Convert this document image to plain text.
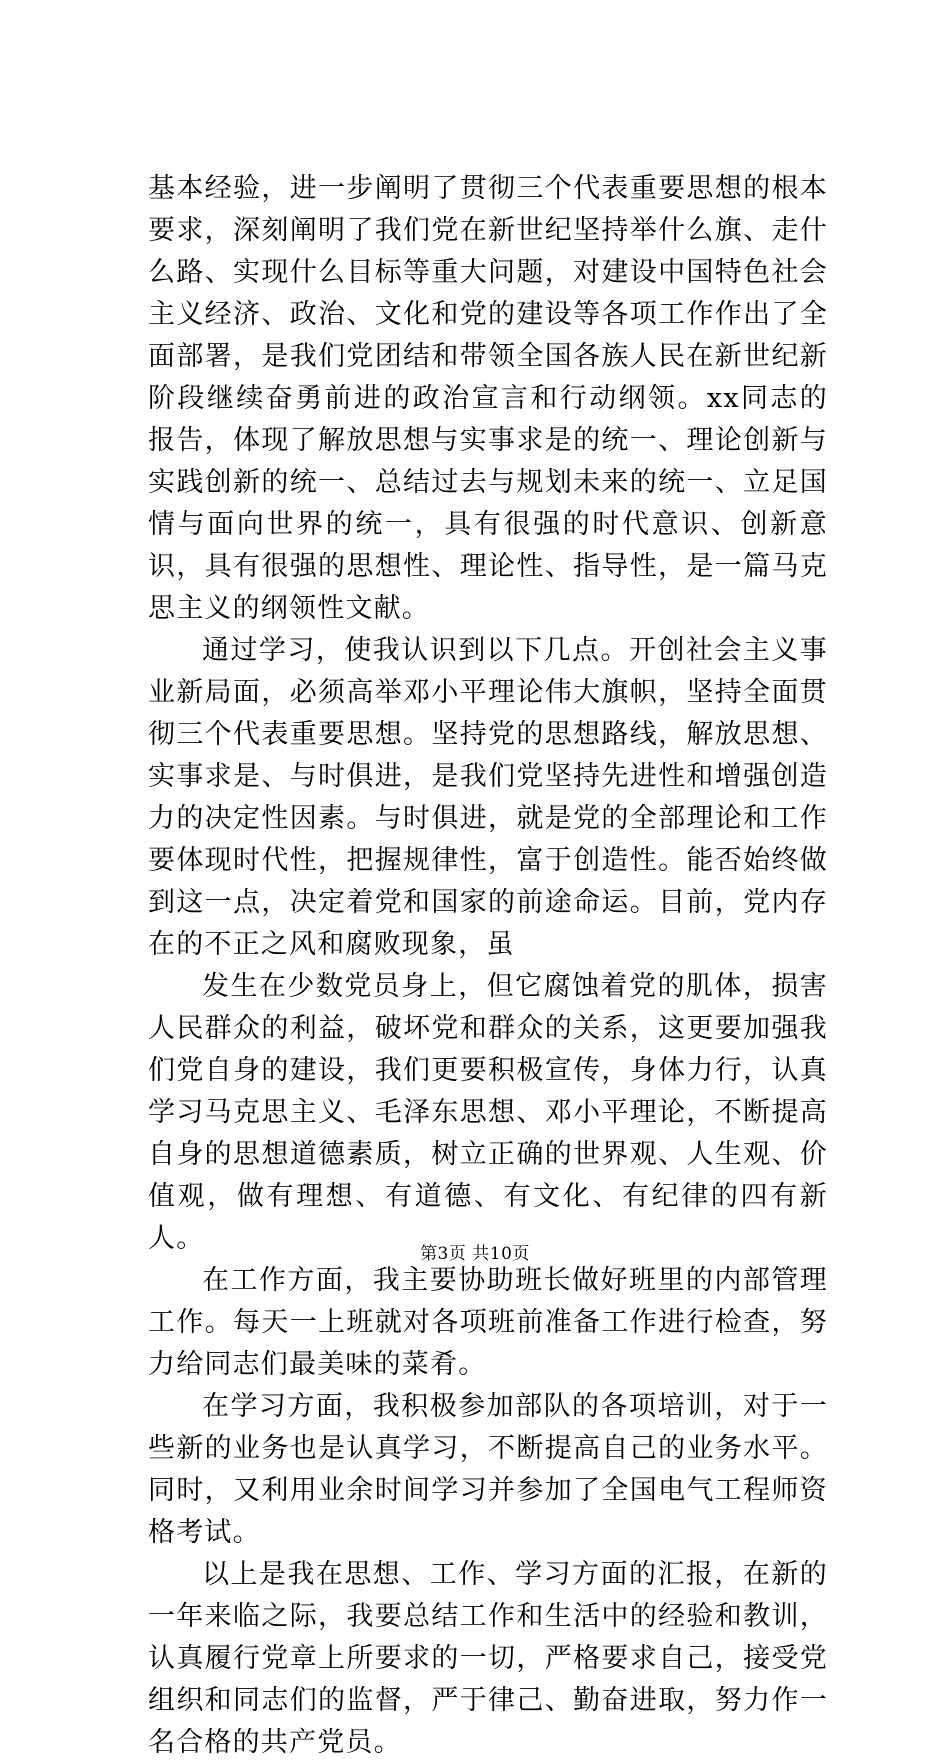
基本经验，进一步阐明了贯彻三个代表重要思想的根本要求，深刻阐明了我们党在新世纪坚持举什么旗、走什么路、实现什么目标等重大问题，对建设中国特色社会主义经济、政治、文化和党的建设等各项工作作出了全面部署，是我们党团结和带领全国各族人民在新世纪新阶段继续奋勇前进的政治宣言和行动纲领。xx同志的报告，体现了解放思想与实事求是的统一、理论创新与实践创新的统一、总结过去与规划未来的统一、立足国情与面向世界的统一，具有很强的时代意识、创新意识，具有很强的思想性、理论性、指导性，是一篇马克思主义的纲领性文献。

通过学习，使我认识到以下几点。开创社会主义事业新局面，必须高举邓小平理论伟大旗帜，坚持全面贯彻三个代表重要思想。坚持党的思想路线，解放思想、实事求是、与时俱进，是我们党坚持先进性和增强创造力的决定性因素。与时俱进，就是党的全部理论和工作要体现时代性，把握规律性，富于创造性。能否始终做到这一点，决定着党和国家的前途命运。目前，党内存在的不正之风和腐败现象，虽

发生在少数党员身上，但它腐蚀着党的肌体，损害人民群众的利益，破坏党和群众的关系，这更要加强我们党自身的建设，我们更要积极宣传，身体力行，认真学习马克思主义、毛泽东思想、邓小平理论，不断提高自身的思想道德素质，树立正确的世界观、人生观、价值观，做有理想、有道德、有文化、有纪律的四有新人。

在工作方面，我主要协助班长做好班里的内部管理工作。每天一上班就对各项班前准备工作进行检查，努力给同志们最美味的菜肴。

在学习方面，我积极参加部队的各项培训，对于一些新的业务也是认真学习，不断提高自己的业务水平。同时，又利用业余时间学习并参加了全国电气工程师资格考试。

以上是我在思想、工作、学习方面的汇报，在新的一年来临之际，我要总结工作和生活中的经验和教训，认真履行党章上所要求的一切，严格要求自己，接受党组织和同志们的监督，严于律己、勤奋进取，努力作一名合格的共产党员。

第3页 共10页
